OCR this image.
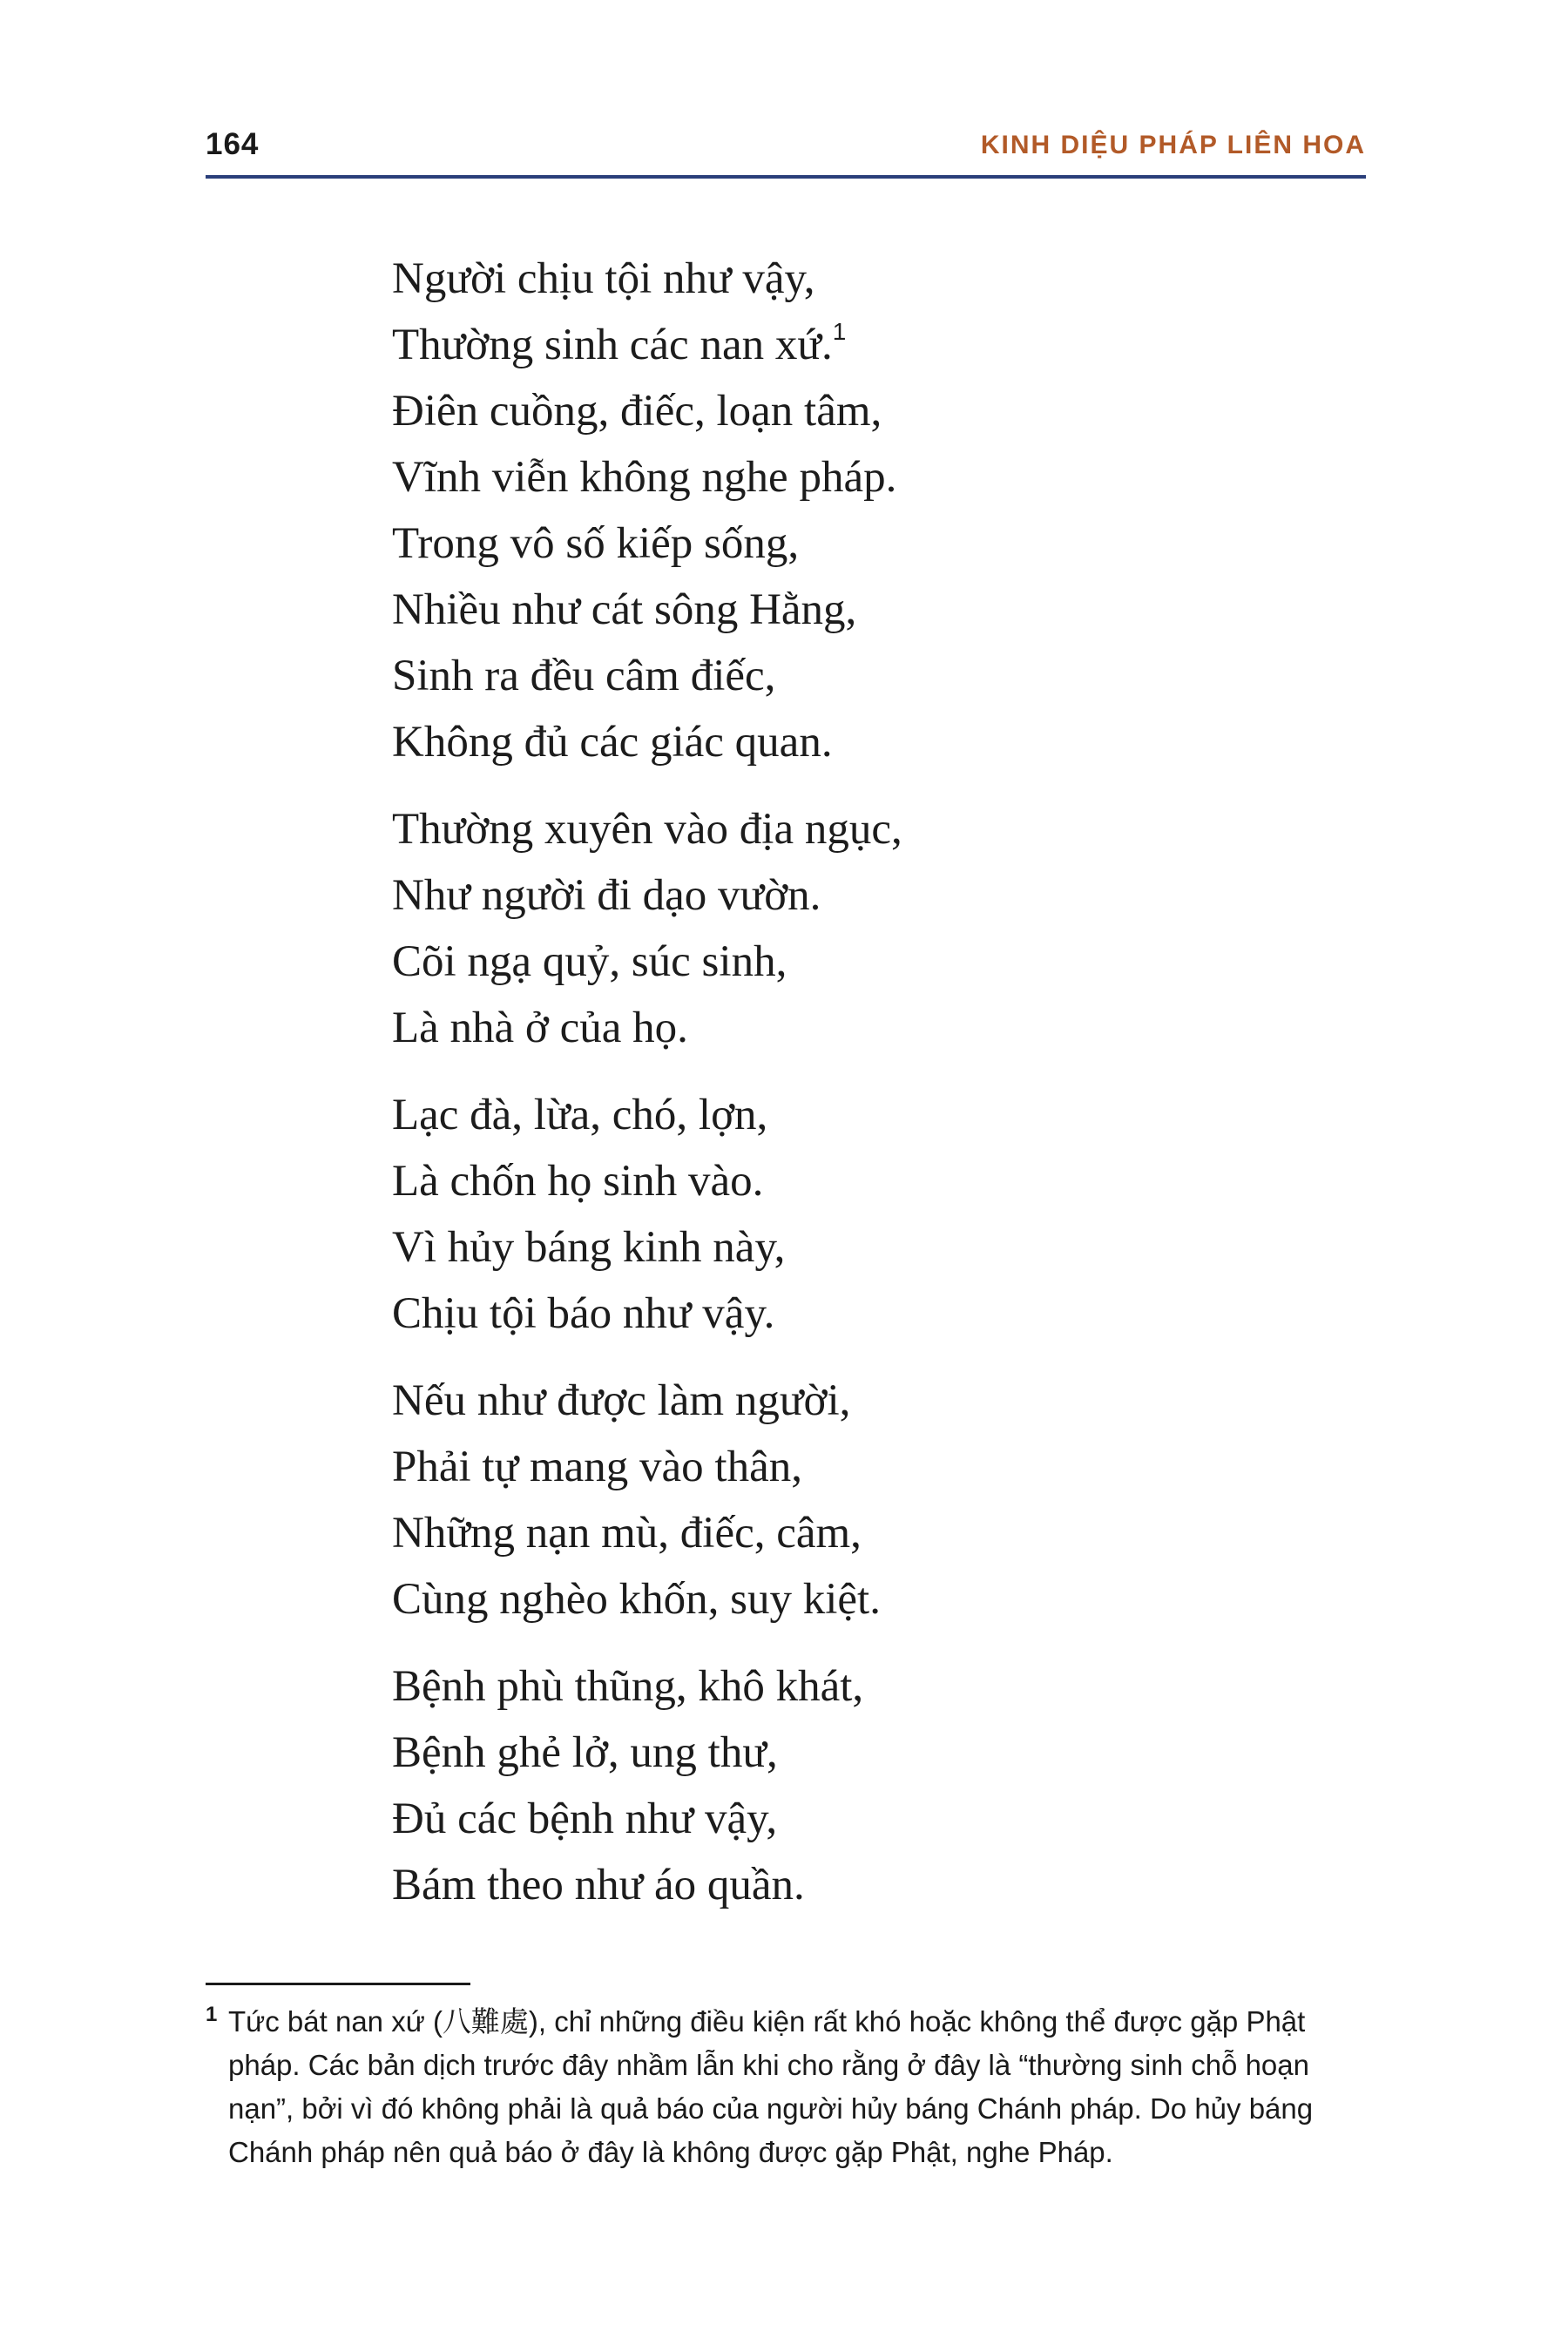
164	KINH DIỆU PHÁP LIÊN HOA
Người chịu tội như vậy,
Thường sinh các nan xứ.$^1$
Điên cuồng, điếc, loạn tâm,
Vĩnh viễn không nghe pháp.
Trong vô số kiếp sống,
Nhiều như cát sông Hằng,
Sinh ra đều câm điếc,
Không đủ các giác quan.
Thường xuyên vào địa ngục,
Như người đi dạo vườn.
Cõi ngạ quỷ, súc sinh,
Là nhà ở của họ.
Lạc đà, lừa, chó, lợn,
Là chốn họ sinh vào.
Vì hủy báng kinh này,
Chịu tội báo như vậy.
Nếu như được làm người,
Phải tự mang vào thân,
Những nạn mù, điếc, câm,
Cùng nghèo khốn, suy kiệt.
Bệnh phù thũng, khô khát,
Bệnh ghẻ lở, ung thư,
Đủ các bệnh như vậy,
Bám theo như áo quần.
1 Tức bát nan xứ (八難處), chỉ những điều kiện rất khó hoặc không thể được gặp Phật pháp. Các bản dịch trước đây nhầm lẫn khi cho rằng ở đây là “thường sinh chỗ hoạn nạn”, bởi vì đó không phải là quả báo của người hủy báng Chánh pháp. Do hủy báng Chánh pháp nên quả báo ở đây là không được gặp Phật, nghe Pháp.
